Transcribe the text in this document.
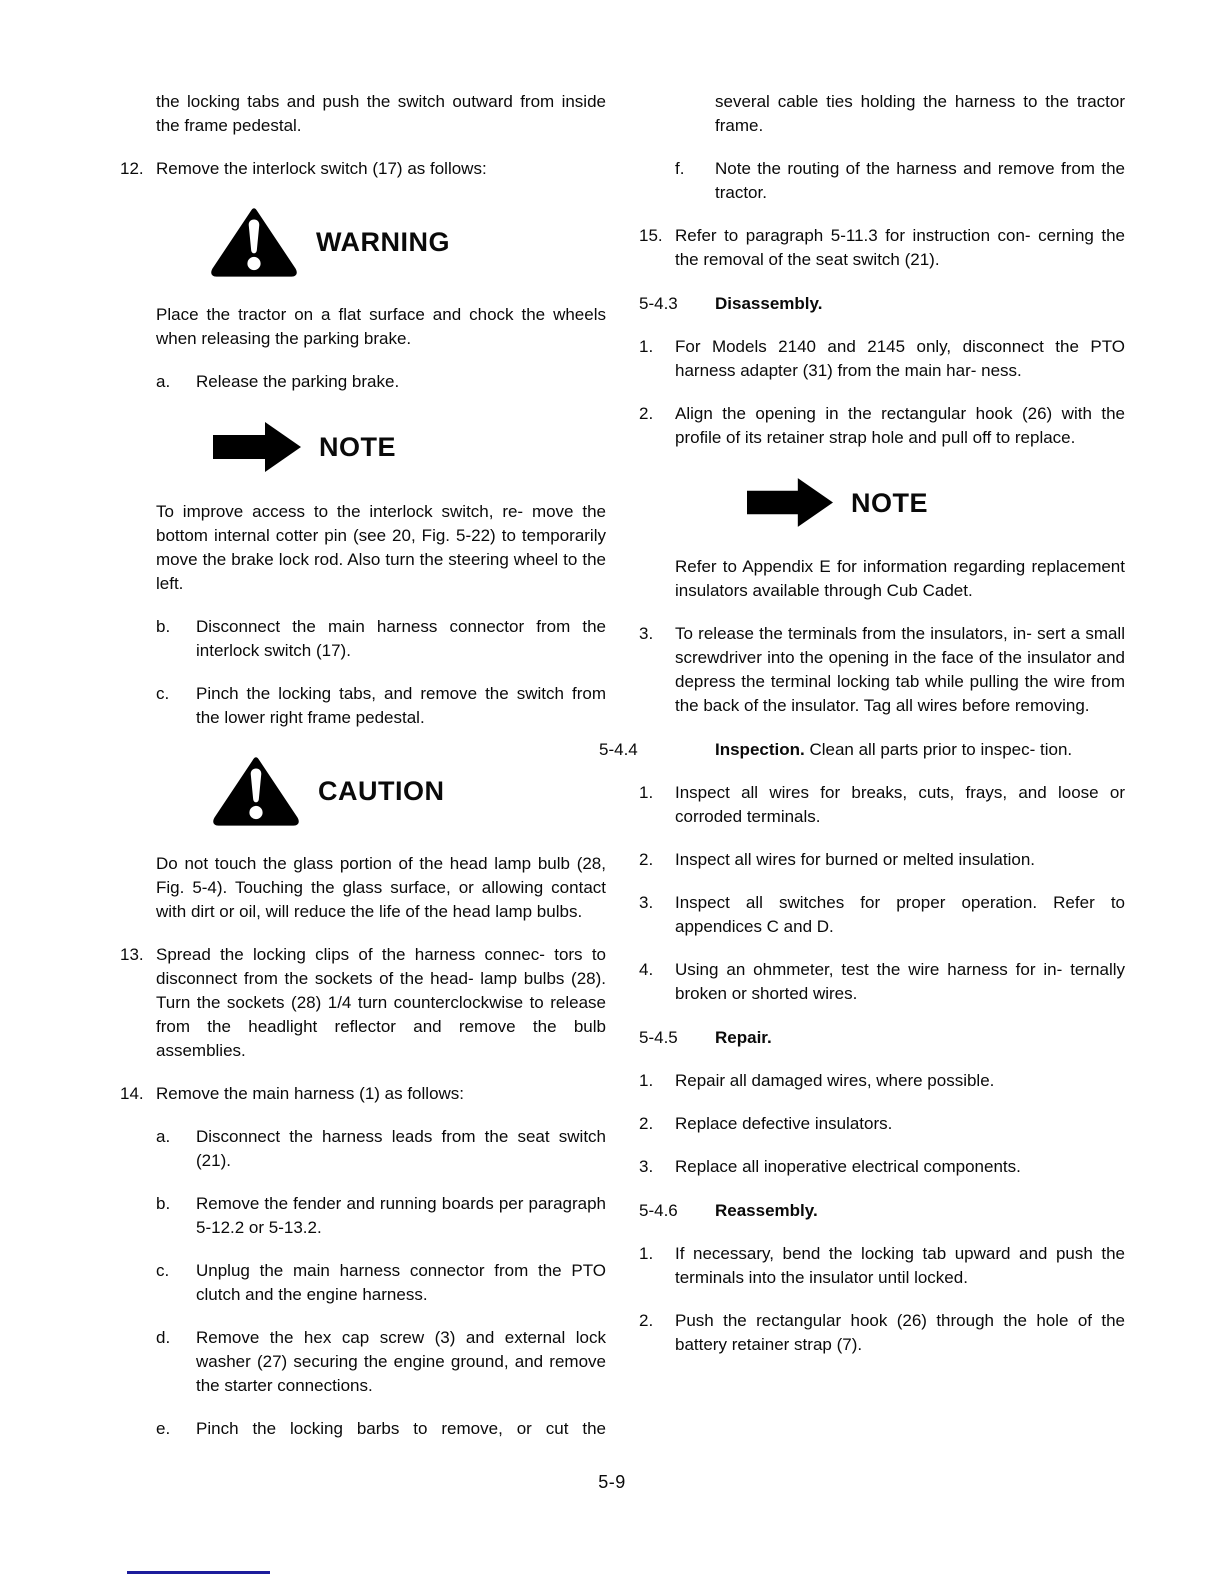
the locking tabs and push the switch outward from inside the frame pedestal.

12. Remove the interlock switch (17) as follows:
WARNING

Place the tractor on a flat surface and chock the wheels when releasing the parking brake.

a.	Release the parking brake.
NOTE

To improve access to the interlock switch, re- move the bottom internal cotter pin (see 20, Fig. 5-22) to temporarily move the brake lock rod. Also turn the steering wheel to the left.

b.	Disconnect the main harness connector from the interlock switch (17).
c.	Pinch the locking tabs, and remove the switch from the lower right frame pedestal.
CAUTION

Do not touch the glass portion of the head lamp bulb (28, Fig. 5-4). Touching the glass surface, or allowing contact with dirt or oil, will reduce the life of the head lamp bulbs.

13. Spread the locking clips of the harness connec- tors to disconnect from the sockets of the head- lamp bulbs (28). Turn the sockets (28) 1/4 turn counterclockwise to release from the headlight reflector and remove the bulb assemblies.
14. Remove the main harness (1) as follows:
a.	Disconnect the harness leads from the seat switch (21).
b.	Remove the fender and running boards per paragraph 5-12.2 or 5-13.2.
c.	Unplug the main harness connector from the PTO clutch and the engine harness.
d.	Remove the hex cap screw (3) and external lock washer (27) securing the engine ground, and remove the starter connections.
e.	Pinch the locking barbs to remove, or cut the

several cable ties holding the harness to the tractor frame.

f.	Note the routing of the harness and remove from the tractor.
15. Refer to paragraph 5-11.3 for instruction con- cerning the the removal of the seat switch (21).

5-4.3 Disassembly.

1.	For Models 2140 and 2145 only, disconnect the PTO harness adapter (31) from the main har- ness.
2.	Align the opening in the rectangular hook (26) with the profile of its retainer strap hole and pull off to replace.
NOTE

Refer to Appendix E for information regarding replacement insulators available through Cub Cadet.

3.	To release the terminals from the insulators, in- sert a small screwdriver into the opening in the face of the insulator and depress the terminal locking tab while pulling the wire from the back of the insulator. Tag all wires before removing.

5-4.4	Inspection. Clean all parts prior to inspec- tion.

1.	Inspect all wires for breaks, cuts, frays, and loose or corroded terminals.
2.	Inspect all wires for burned or melted insulation.
3.	Inspect all switches for proper operation. Refer to appendices C and D.
4.	Using an ohmmeter, test the wire harness for in- ternally broken or shorted wires.

5-4.5 Repair.

1.	Repair all damaged wires, where possible.
2.	Replace defective insulators.
3.	Replace all inoperative electrical components.

5-4.6 Reassembly.

1.	If necessary, bend the locking tab upward and push the terminals into the insulator until locked.
2.	Push the rectangular hook (26) through the hole of the battery retainer strap (7).
5-9
